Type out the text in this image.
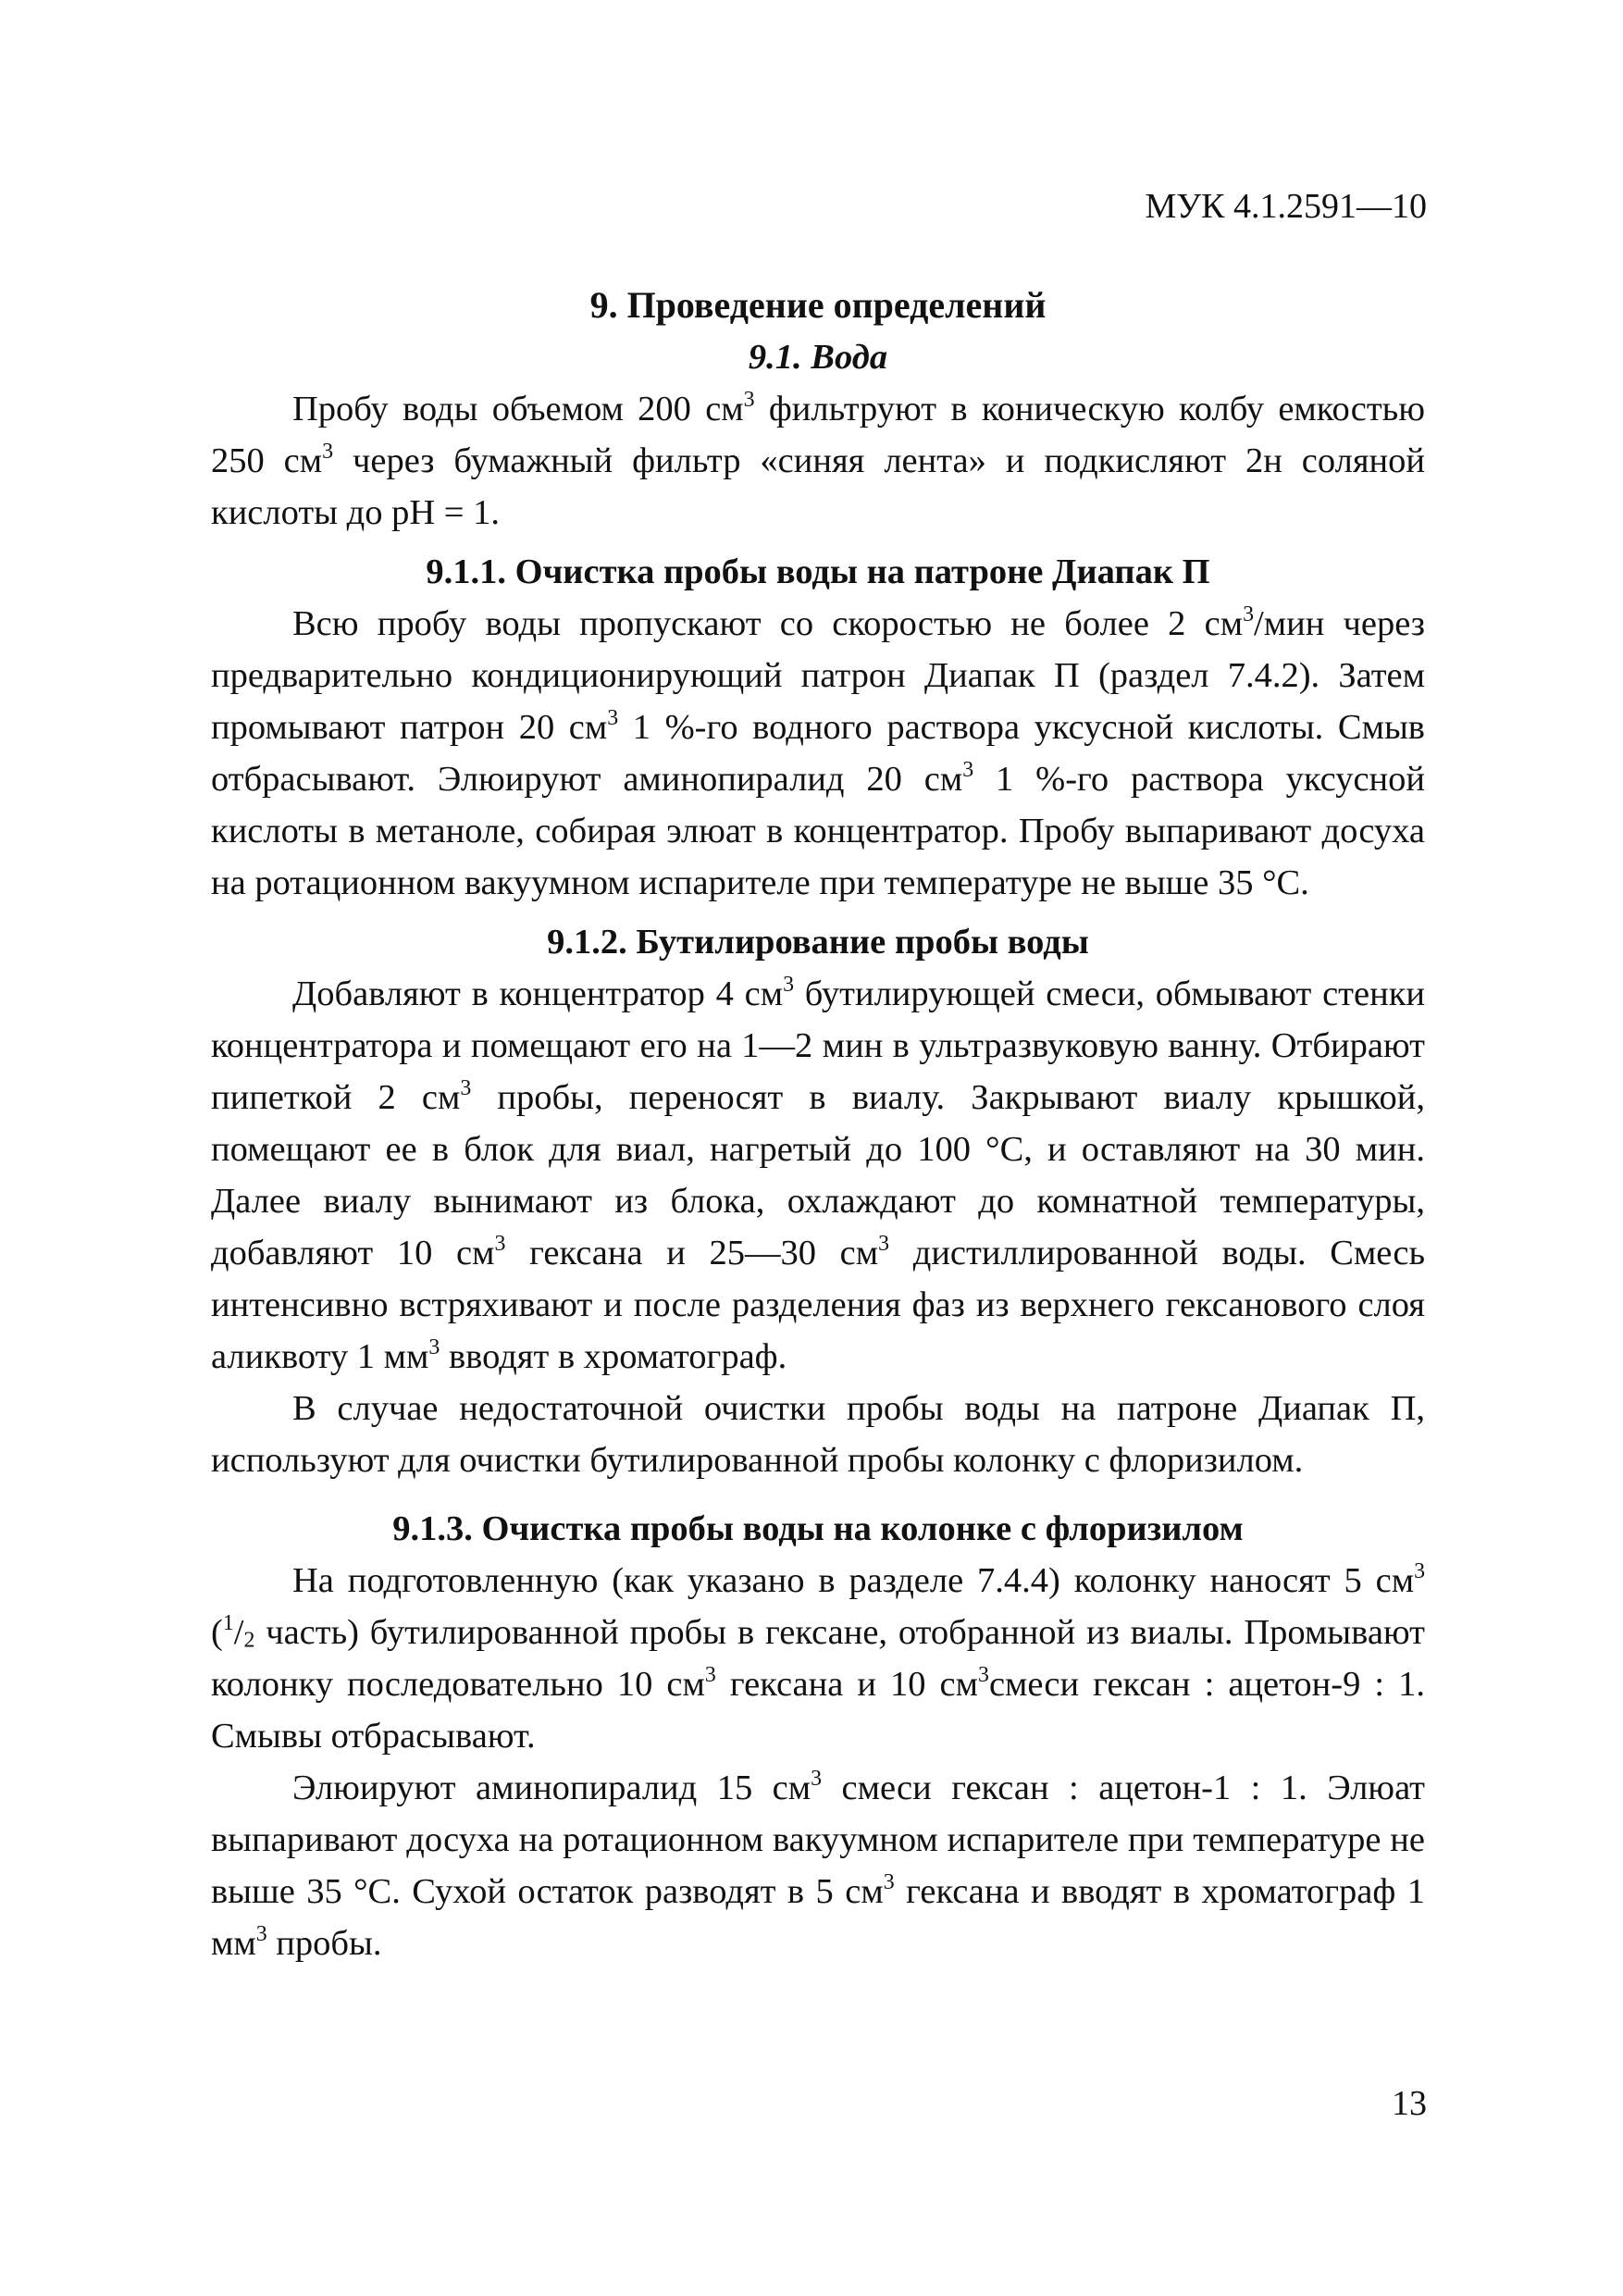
МУК 4.1.2591—10
9. Проведение определений
9.1. Вода

Пробу воды объемом 200 $см^3$ фильтруют в коническую колбу емкостью 250 $см^3$ через бумажный фильтр «синяя лента» и подкисляют 2н соляной кислоты до pH = 1.

9.1.1. Очистка пробы воды на патроне Диапак П

Всю пробу воды пропускают со скоростью не более 2 $см^3$/мин через предварительно кондиционирующий патрон Диапак П (раздел 7.4.2). Затем промывают патрон 20 $см^3$ 1 %-го водного раствора уксусной кислоты. Смыв отбрасывают. Элюируют аминопиралид 20 $см^3$ 1 %-го раствора уксусной кислоты в метаноле, собирая элюат в концентратор. Пробу выпаривают досуха на ротационном вакуумном испарителе при температуре не выше 35 °С.

9.1.2. Бутилирование пробы воды

Добавляют в концентратор 4 $см^3$ бутилирующей смеси, обмывают стенки концентратора и помещают его на 1—2 мин в ультразвуковую ванну. Отбирают пипеткой 2 $см^3$ пробы, переносят в виалу. Закрывают виалу крышкой, помещают ее в блок для виал, нагретый до 100 °С, и оставляют на 30 мин. Далее виалу вынимают из блока, охлаждают до комнатной температуры, добавляют 10 $см^3$ гексана и 25—30 $см^3$ дистиллированной воды. Смесь интенсивно встряхивают и после разделения фаз из верхнего гексанового слоя аликвоту 1 $мм^3$ вводят в хроматограф.

В случае недостаточной очистки пробы воды на патроне Диапак П, используют для очистки бутилированной пробы колонку с флоризилом.

9.1.3. Очистка пробы воды на колонке с флоризилом

На подготовленную (как указано в разделе 7.4.4) колонку наносят 5 $см^3$ ($^1/_2$ часть) бутилированной пробы в гексане, отобранной из виалы. Промывают колонку последовательно 10 $см^3$ гексана и 10 $см^3смеси$ гексан : ацетон-9 : 1. Смывы отбрасывают.

Элюируют аминопиралид 15 $см^3$ смеси гексан : ацетон-1 : 1. Элюат выпаривают досуха на ротационном вакуумном испарителе при температуре не выше 35 °С. Сухой остаток разводят в 5 $см^3$ гексана и вводят в хроматограф 1 $мм^3$ пробы.

13
